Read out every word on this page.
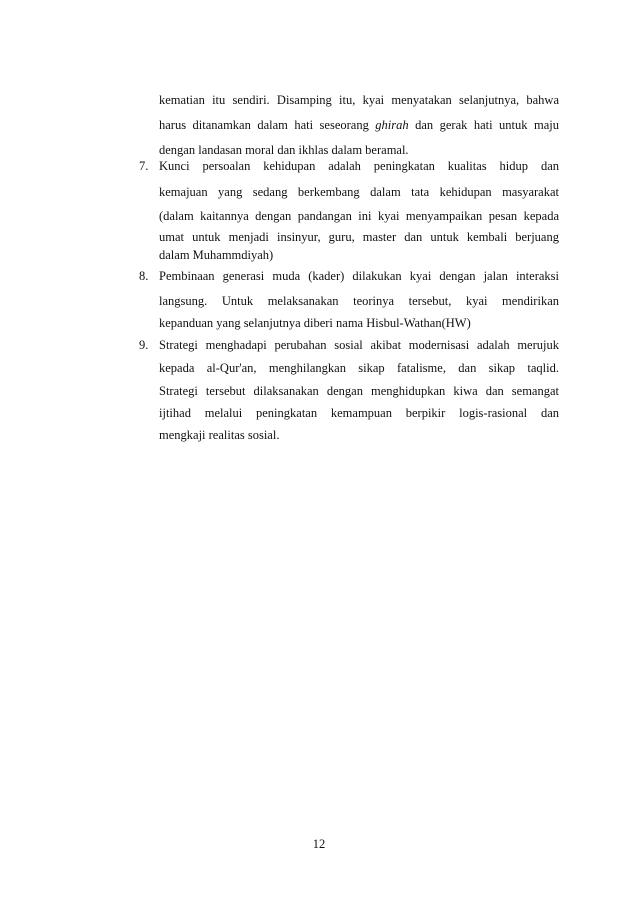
kematian itu sendiri. Disamping itu, kyai menyatakan selanjutnya, bahwa
harus ditanamkan dalam hati seseorang ghirah dan gerak hati untuk maju
dengan landasan moral dan ikhlas dalam beramal.
7. Kunci persoalan kehidupan adalah peningkatan kualitas hidup dan
kemajuan yang sedang berkembang dalam tata kehidupan masyarakat
(dalam kaitannya dengan pandangan ini kyai menyampaikan pesan kepada
umat untuk menjadi insinyur, guru, master dan untuk kembali berjuang
dalam Muhammdiyah)
8. Pembinaan generasi muda (kader) dilakukan kyai dengan jalan interaksi
langsung. Untuk melaksanakan teorinya tersebut, kyai mendirikan
kepanduan yang selanjutnya diberi nama Hisbul-Wathan(HW)
9. Strategi menghadapi perubahan sosial akibat modernisasi adalah merujuk
kepada al-Qur'an, menghilangkan sikap fatalisme, dan sikap taqlid.
Strategi tersebut dilaksanakan dengan menghidupkan kiwa dan semangat
ijtihad melalui peningkatan kemampuan berpikir logis-rasional dan
mengkaji realitas sosial.
12
